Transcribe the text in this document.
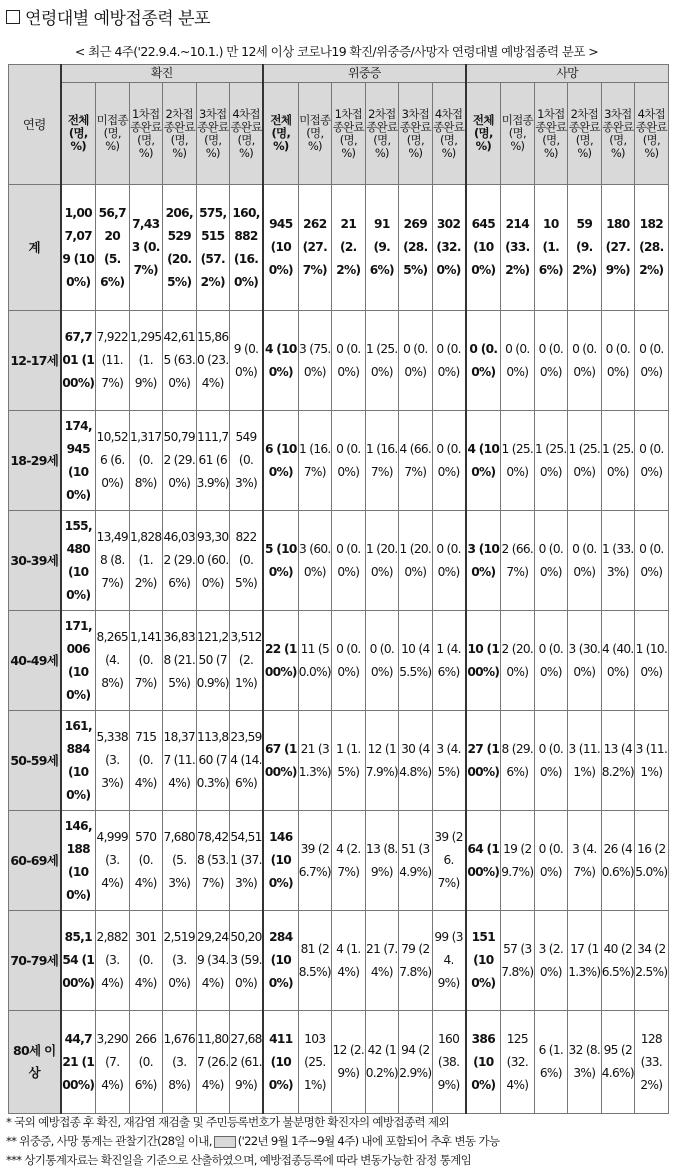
연령대별 예방접종력 분포
< 최근 4주('22.9.4.~10.1.) 만 12세 이상 코로나19 확진/위중증/사망자 연령대별 예방접종력 분포 >
연령	확진						위중증						사망					
	전체 (명, %)	미접종 (명, %)	1차접종완료 (명, %)	2차접종완료 (명, %)	3차접종완료 (명, %)	4차접종완료 (명, %)	전체 (명, %)	미접종 (명, %)	1차접종완료 (명, %)	2차접종완료 (명, %)	3차접종완료 (명, %)	4차접종완료 (명, %)	전체 (명, %)	미접종 (명, %)	1차접종완료 (명, %)	2차접종완료 (명, %)	3차접종완료 (명, %)	4차접종완료 (명, %)
계	1,007,079 (100%)	56,720 (5.6%)	7,433 (0.7%)	206,529 (20.5%)	575,515 (57.2%)	160,882 (16.0%)	945 (100%)	262 (27.7%)	21 (2.2%)	91 (9.6%)	269 (28.5%)	302 (32.0%)	645 (100%)	214 (33.2%)	10 (1.6%)	59 (9.2%)	180 (27.9%)	182 (28.2%)
12-17세	67,701 (100%)	7,922 (11.7%)	1,295 (1.9%)	42,615 (63.0%)	15,860 (23.4%)	9 (0.0%)	4 (100%)	3 (75.0%)	0 (0.0%)	1 (25.0%)	0 (0.0%)	0 (0.0%)	0 (0.0%)	0 (0.0%)	0 (0.0%)	0 (0.0%)	0 (0.0%)	0 (0.0%)
18-29세	174,945 (100%)	10,526 (6.0%)	1,317 (0.8%)	50,792 (29.0%)	111,761 (63.9%)	549 (0.3%)	6 (100%)	1 (16.7%)	0 (0.0%)	1 (16.7%)	4 (66.7%)	0 (0.0%)	4 (100%)	1 (25.0%)	1 (25.0%)	1 (25.0%)	1 (25.0%)	0 (0.0%)
30-39세	155,480 (100%)	13,498 (8.7%)	1,828 (1.2%)	46,032 (29.6%)	93,300 (60.0%)	822 (0.5%)	5 (100%)	3 (60.0%)	0 (0.0%)	1 (20.0%)	1 (20.0%)	0 (0.0%)	3 (100%)	2 (66.7%)	0 (0.0%)	0 (0.0%)	1 (33.3%)	0 (0.0%)
40-49세	171,006 (100%)	8,265 (4.8%)	1,141 (0.7%)	36,838 (21.5%)	121,250 (70.9%)	3,512 (2.1%)	22 (100%)	11 (50.0%)	0 (0.0%)	0 (0.0%)	10 (45.5%)	1 (4.6%)	10 (100%)	2 (20.0%)	0 (0.0%)	3 (30.0%)	4 (40.0%)	1 (10.0%)
50-59세	161,884 (100%)	5,338 (3.3%)	715 (0.4%)	18,377 (11.4%)	113,860 (70.3%)	23,594 (14.6%)	67 (100%)	21 (31.3%)	1 (1.5%)	12 (17.9%)	30 (44.8%)	3 (4.5%)	27 (100%)	8 (29.6%)	0 (0.0%)	3 (11.1%)	13 (48.2%)	3 (11.1%)
60-69세	146,188 (100%)	4,999 (3.4%)	570 (0.4%)	7,680 (5.3%)	78,428 (53.7%)	54,511 (37.3%)	146 (100%)	39 (26.7%)	4 (2.7%)	13 (8.9%)	51 (34.9%)	39 (26.7%)	64 (100%)	19 (29.7%)	0 (0.0%)	3 (4.7%)	26 (40.6%)	16 (25.0%)
70-79세	85,154 (100%)	2,882 (3.4%)	301 (0.4%)	2,519 (3.0%)	29,249 (34.4%)	50,203 (59.0%)	284 (100%)	81 (28.5%)	4 (1.4%)	21 (7.4%)	79 (27.8%)	99 (34.9%)	151 (100%)	57 (37.8%)	3 (2.0%)	17 (11.3%)	40 (26.5%)	34 (22.5%)
80세 이상	44,721 (100%)	3,290 (7.4%)	266 (0.6%)	1,676 (3.8%)	11,807 (26.4%)	27,682 (61.9%)	411 (100%)	103 (25.1%)	12 (2.9%)	42 (10.2%)	94 (22.9%)	160 (38.9%)	386 (100%)	125 (32.4%)	6 (1.6%)	32 (8.3%)	95 (24.6%)	128 (33.2%)
* 국외 예방접종 후 확진, 재감염 재검출 및 주민등록번호가 불분명한 확진자의 예방접종력 제외
** 위중증, 사망 통계는 관찰기간(28일 이내, ('22년 9월 1주~9월 4주) 내에 포함되어 추후 변동 가능
*** 상기통계자료는 확진일을 기준으로 산출하였으며, 예방접종등록에 따라 변동가능한 잠정 통계임
